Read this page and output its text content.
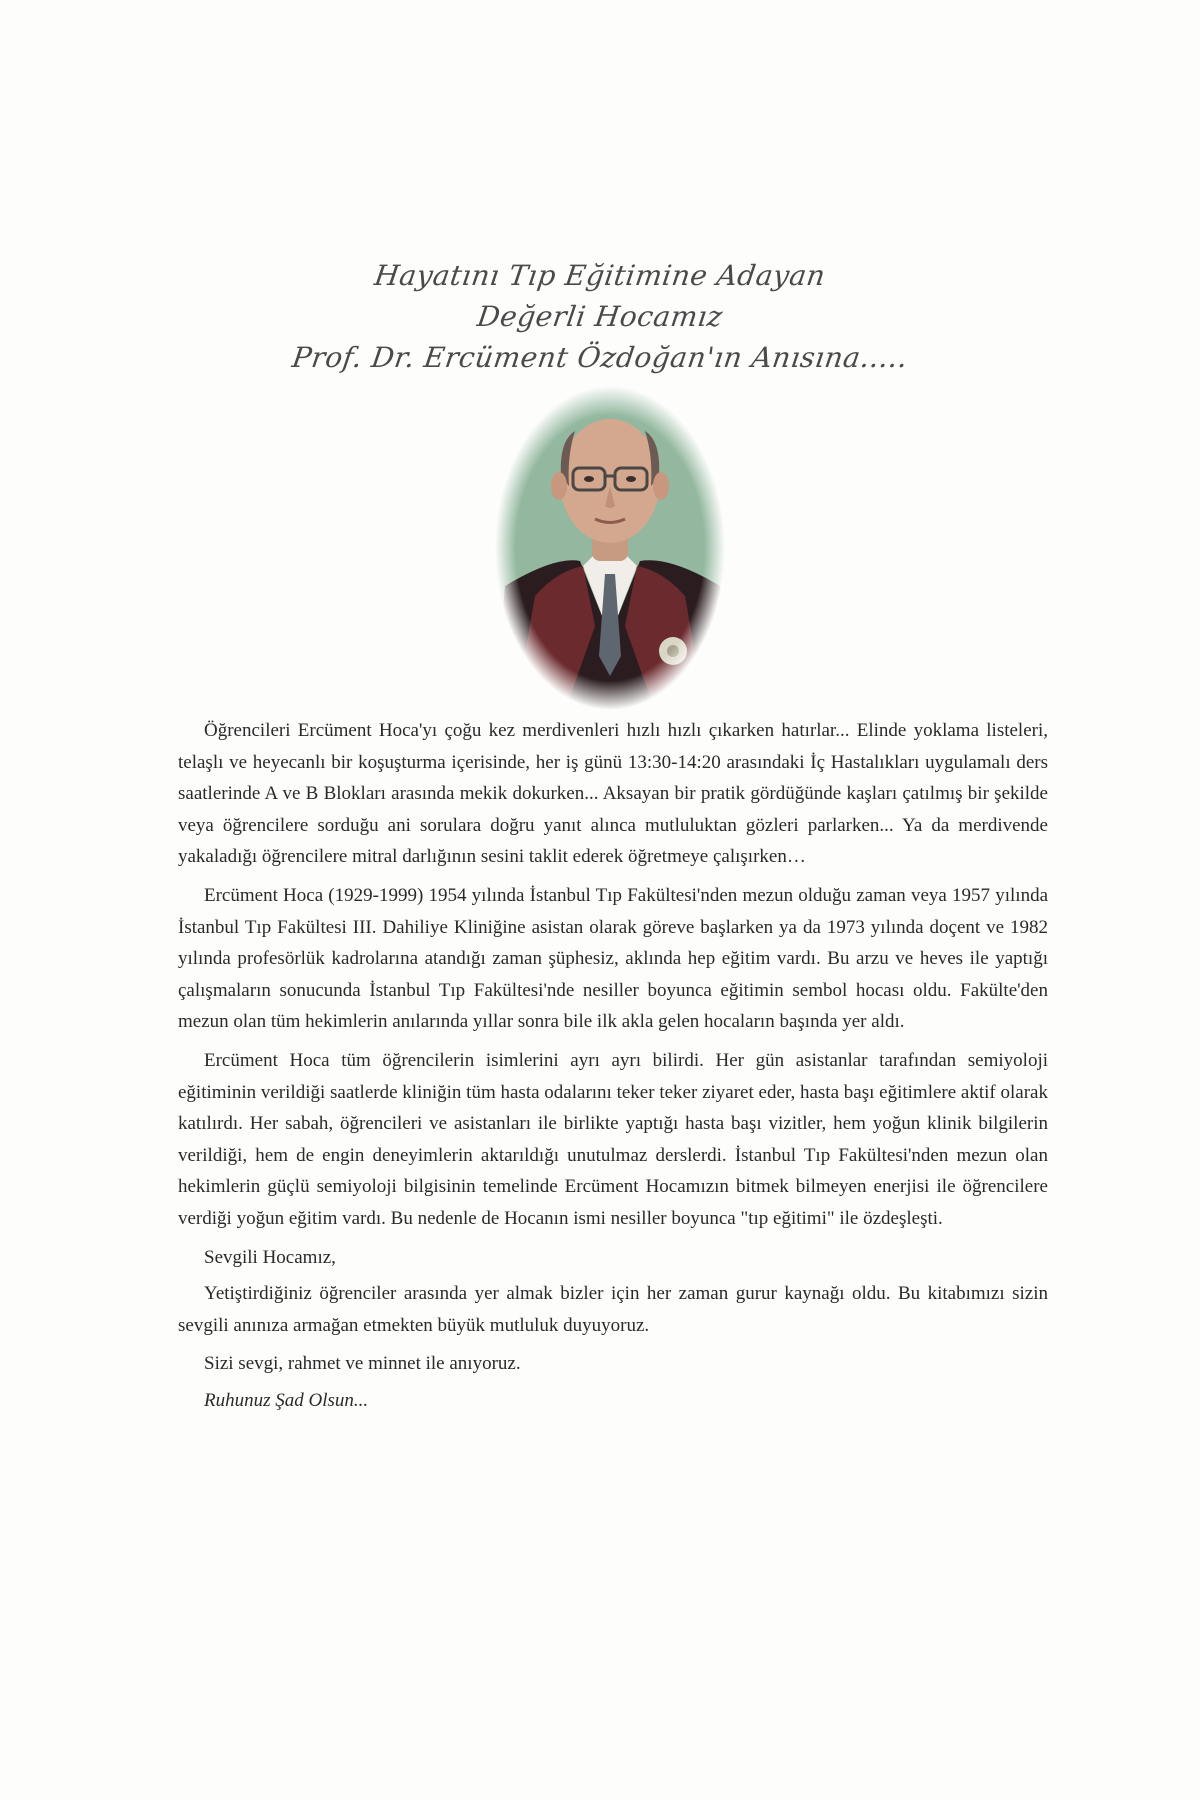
Hayatını Tıp Eğitimine Adayan
Değerli Hocamız
Prof. Dr. Ercüment Özdoğan'ın Anısına.....

Öğrencileri Ercüment Hoca'yı çoğu kez merdivenleri hızlı hızlı çıkarken hatırlar... Elinde yoklama listeleri, telaşlı ve heyecanlı bir koşuşturma içerisinde, her iş günü 13:30-14:20 arasındaki İç Hastalıkları uygulamalı ders saatlerinde A ve B Blokları arasında mekik dokurken... Aksayan bir pratik gördüğünde kaşları çatılmış bir şekilde veya öğrencilere sorduğu ani sorulara doğru yanıt alınca mutluluktan gözleri parlarken... Ya da merdivende yakaladığı öğrencilere mitral darlığının sesini taklit ederek öğretmeye çalışırken…

Ercüment Hoca (1929-1999) 1954 yılında İstanbul Tıp Fakültesi'nden mezun olduğu zaman veya 1957 yılında İstanbul Tıp Fakültesi III. Dahiliye Kliniğine asistan olarak göreve başlarken ya da 1973 yılında doçent ve 1982 yılında profesörlük kadrolarına atandığı zaman şüphesiz, aklında hep eğitim vardı. Bu arzu ve heves ile yaptığı çalışmaların sonucunda İstanbul Tıp Fakültesi'nde nesiller boyunca eğitimin sembol hocası oldu. Fakülte'den mezun olan tüm hekimlerin anılarında yıllar sonra bile ilk akla gelen hocaların başında yer aldı.

Ercüment Hoca tüm öğrencilerin isimlerini ayrı ayrı bilirdi. Her gün asistanlar tarafından semiyoloji eğitiminin verildiği saatlerde kliniğin tüm hasta odalarını teker teker ziyaret eder, hasta başı eğitimlere aktif olarak katılırdı. Her sabah, öğrencileri ve asistanları ile birlikte yaptığı hasta başı vizitler, hem yoğun klinik bilgilerin verildiği, hem de engin deneyimlerin aktarıldığı unutulmaz derslerdi. İstanbul Tıp Fakültesi'nden mezun olan hekimlerin güçlü semiyoloji bilgisinin temelinde Ercüment Hocamızın bitmek bilmeyen enerjisi ile öğrencilere verdiği yoğun eğitim vardı. Bu nedenle de Hocanın ismi nesiller boyunca "tıp eğitimi" ile özdeşleşti.

Sevgili Hocamız,

Yetiştirdiğiniz öğrenciler arasında yer almak bizler için her zaman gurur kaynağı oldu. Bu kitabımızı sizin sevgili anınıza armağan etmekten büyük mutluluk duyuyoruz.

Sizi sevgi, rahmet ve minnet ile anıyoruz.

Ruhunuz Şad Olsun...
